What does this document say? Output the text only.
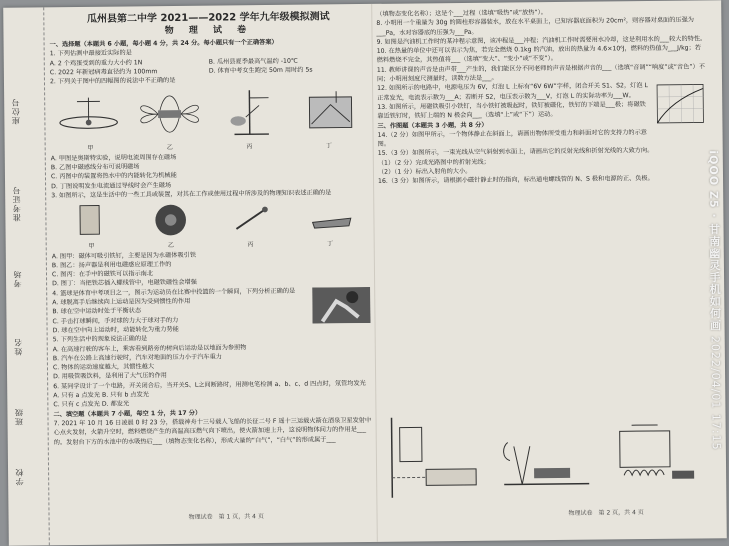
座位号
准考证号
考场
姓名
班级
学校
瓜州县第二中学 2021——2022 学年九年级模拟测试
物 理 试 卷

一、选择题（本题共 6 小题，每小题 4 分，共 24 分。每小题只有一个正确答案）

1. 下列估测中最接近实际的是

A. 2 个鸡蛋受到的重力大小约 1N	B. 瓜州县夏季最高气温约 -10℃
C. 2022 年新冠病毒直径约为 100mm	D. 体育中考女生跑完 50m 用时约 5s

2. 下列关于图中的四幅图的说法中不正确的是

甲	乙	丙	丁

A. 甲图是奥斯特实验，说明电流周围存在磁场

B. 乙图中磁感线分布可说明磁场

C. 丙图中的装置将热水中的内能转化为机械能

D. 丁图说明发生电流通过导线时会产生磁场

3. 如图所示，这是生活中的一些工具或装置，对其在工作或使用过程中所涉及的物理知识表述正确的是

甲	乙	丙	丁

A. 图甲：磁体可吸引铁钉，主要是因为永磁体吸引铁

B. 图乙：扬声器是利用电磁感应原理工作的

C. 图丙：在手中的磁铁可以指示南北

D. 图丁：当把铁芯插入螺线管中，电磁铁磁性会增强

4. 篮球是体育中考项目之一，图示为运动员在比赛中投篮的一个瞬间，下列分析正确的是

A. 球脱离手后继续向上运动是因为受到惯性的作用

B. 球在空中运动时处于平衡状态

C. 手击打球瞬间，手对球的力大于球对手的力

D. 球在空中向上运动时，动能转化为重力势能

5. 下列生活中的现象说法正确的是

A. 在高速行驶的客车上，乘客看到路旁的树向后运动是以地面为参照物

B. 汽车在公路上高速行驶时，汽车对地面的压力小于汽车重力

C. 物体的运动速度越大，其惯性越大

D. 用吸管吸饮料，是利用了大气压的作用

6. 某同学设计了一个电路，开关闭合后，当开关S、L之间断路时，用测电笔检测 a、b、c、d 四点时，氖管均发光

A. 只有 a 点发光 B. 只有 b 点发光

C. 只有 c 点发光 D. 都发光

二、填空题（本题共 7 小题，每空 1 分，共 17 分）

7. 2021 年 10 月 16 日凌晨 0 时 23 分，搭载神舟十三号载人飞船的长征二号 F 遥十三运载火箭在酒泉卫星发射中心点火发射，火箭升空时，燃料燃烧产生的高温高压燃气向下喷出，使火箭加速上升，这说明物体间力的作用是___的。发射台下方的水池中的水吸热后___（填物态变化名称），形成大量的“白气”，“白气”的形成属于___

（填物态变化名称）；这是个___过程（选填“吸热”或“放热”）。

8. 小明用一个重量为 30g 的圆柱形容器装水，放在水平桌面上，已知容器底面积为 20cm²，则容器对桌面的压强为___Pa，水对容器底的压强为___Pa。

9. 如图是汽油机工作时的某冲程示意图，该冲程是___冲程；汽油机工作时需要用水冷却，这是利用水的___较大的特性。

10. 在热量的单位中还可以表示为焦，若完全燃烧 0.1kg 的汽油，放出的热量为 4.6×10⁶J，燃料的热值为___J/kg；若燃料燃烧不完全，其热值将___（选填“变大”、“变小”或“不变”）。

11. 教师讲课的声音是由声带___产生的，我们能区分不同老师的声音是根据声音的___（选填“音调”“响度”或“音色”）不同；小明用刻度尺测量时，读数方法是___。

12. 如图所示的电路中，电源电压为 6V，灯泡 L 上标有“6V 6W”字样，闭合开关 S1、S2，灯泡 L 正常发光，电流表示数为___A；若断开 S2，电压表示数为___V，灯泡 L 的实际功率为___W。

13. 如图所示，用磁铁吸引小铁钉，当小铁钉被吸起时，铁钉被磁化，铁钉的下端是___极；将磁铁靠近铁钉时，铁钉上端的 N 极会向___（选填“上”或“下”）运动。

三、作图题（本题共 3 小题，共 8 分）

14.（2 分）如图甲所示，一个物体静止在斜面上，请画出物体所受重力和斜面对它的支持力的示意图。

15.（3 分）如图所示，一束光线从空气斜射到水面上，请画出它的反射光线和折射光线的大致方向。

（1）（2 分）完成光路图中的折射光线；

（2）（1 分）标出入射角的大小。

16.（3 分）如图所示，请根据小磁针静止时的指向，标出通电螺线管的 N、S 极和电源的正、负极。

物理试卷　第 1 页，共 4 页
物理试卷　第 2 页，共 4 页
iQOO Z5 · 甘南幽灵手机如何画 2022/04/01 17:15
